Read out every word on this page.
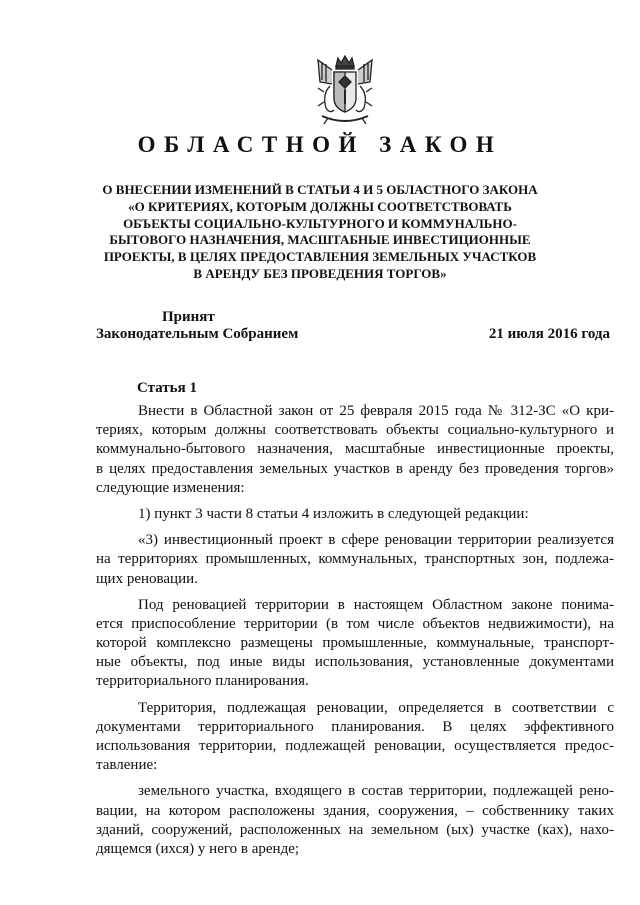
ОБЛАСТНОЙ ЗАКОН
О ВНЕСЕНИИ ИЗМЕНЕНИЙ В СТАТЬИ 4 И 5 ОБЛАСТНОГО ЗАКОНА
«О КРИТЕРИЯХ, КОТОРЫМ ДОЛЖНЫ СООТВЕТСТВОВАТЬ
ОБЪЕКТЫ СОЦИАЛЬНО-КУЛЬТУРНОГО И КОММУНАЛЬНО-
БЫТОВОГО НАЗНАЧЕНИЯ, МАСШТАБНЫЕ ИНВЕСТИЦИОННЫЕ
ПРОЕКТЫ, В ЦЕЛЯХ ПРЕДОСТАВЛЕНИЯ ЗЕМЕЛЬНЫХ УЧАСТКОВ
В АРЕНДУ БЕЗ ПРОВЕДЕНИЯ ТОРГОВ»
Принят
Законодательным Собранием	21 июля 2016 года
Статья 1
Внести в Областной закон от 25 февраля 2015 года № 312-ЗС «О кри-
териях, которым должны соответствовать объекты социально-культурного и
коммунально-бытового назначения, масштабные инвестиционные проекты,
в целях предоставления земельных участков в аренду без проведения торгов»
следующие изменения:
1) пункт 3 части 8 статьи 4 изложить в следующей редакции:
«3) инвестиционный проект в сфере реновации территории реализуется
на территориях промышленных, коммунальных, транспортных зон, подлежа-
щих реновации.
Под реновацией территории в настоящем Областном законе понима-
ется приспособление территории (в том числе объектов недвижимости), на
которой комплексно размещены промышленные, коммунальные, транспорт-
ные объекты, под иные виды использования, установленные документами
территориального планирования.
Территория, подлежащая реновации, определяется в соответствии с
документами территориального планирования. В целях эффективного
использования территории, подлежащей реновации, осуществляется предос-
тавление:
земельного участка, входящего в состав территории, подлежащей рено-
вации, на котором расположены здания, сооружения, – собственнику таких
зданий, сооружений, расположенных на земельном (ых) участке (ках), нахо-
дящемся (ихся) у него в аренде;
